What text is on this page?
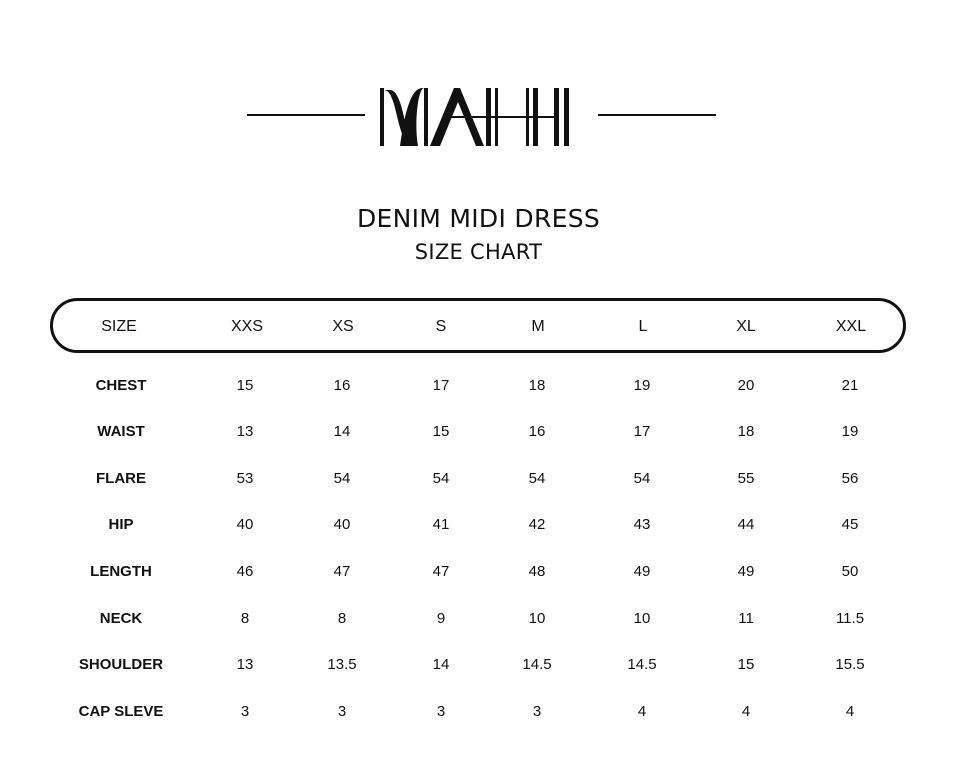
DENIM MIDI DRESS
SIZE CHART
SIZE	XXS	XS	S	M	L	XL	XXL
CHEST	15	16	17	18	19	20	21
WAIST	13	14	15	16	17	18	19
FLARE	53	54	54	54	54	55	56
HIP	40	40	41	42	43	44	45
LENGTH	46	47	47	48	49	49	50
NECK	8	8	9	10	10	11	11.5
SHOULDER	13	13.5	14	14.5	14.5	15	15.5
CAP SLEVE	3	3	3	3	4	4	4
